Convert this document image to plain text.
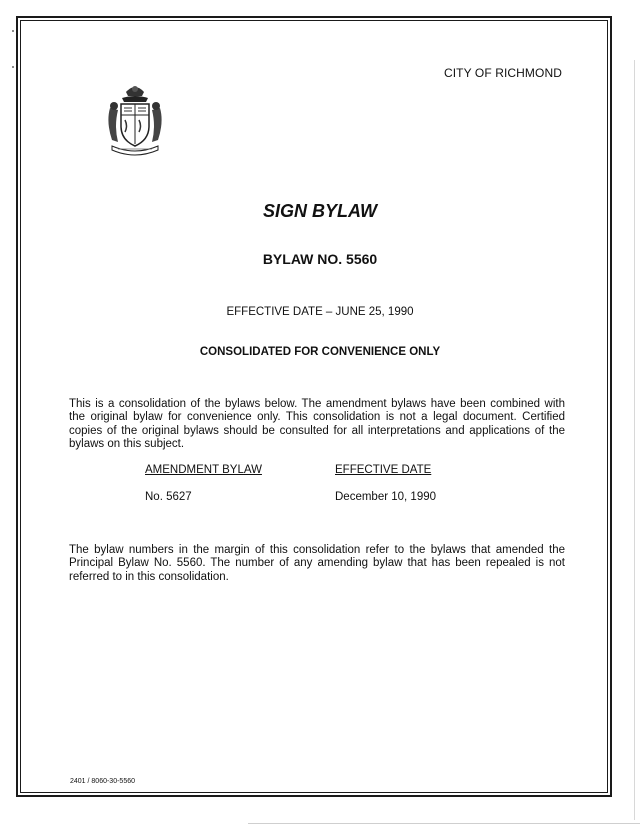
CITY OF RICHMOND
SIGN BYLAW
BYLAW NO. 5560
EFFECTIVE DATE – JUNE 25, 1990
CONSOLIDATED FOR CONVENIENCE ONLY
This is a consolidation of the bylaws below. The amendment bylaws have been combined with the original bylaw for convenience only. This consolidation is not a legal document. Certified copies of the original bylaws should be consulted for all interpretations and applications of the bylaws on this subject.
AMENDMENT BYLAW	EFFECTIVE DATE
No. 5627	December 10, 1990
The bylaw numbers in the margin of this consolidation refer to the bylaws that amended the Principal Bylaw No. 5560. The number of any amending bylaw that has been repealed is not referred to in this consolidation.
2401 / 8060-30-5560
